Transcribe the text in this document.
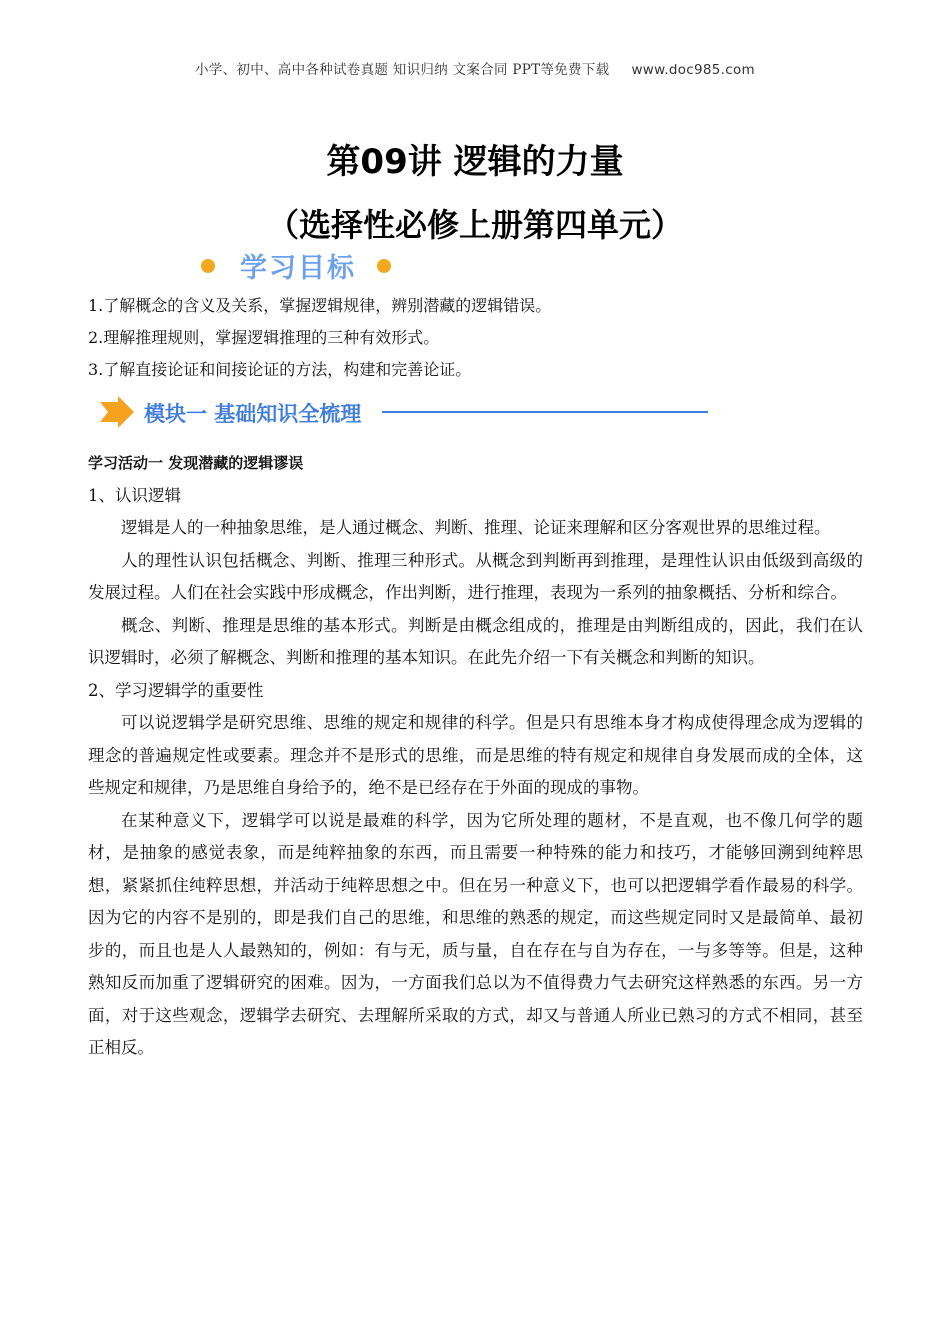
小学、初中、高中各种试卷真题 知识归纳 文案合同 PPT等免费下载 www.doc985.com
第09讲 逻辑的力量
（选择性必修上册第四单元）
学习目标

1.了解概念的含义及关系，掌握逻辑规律，辨别潜藏的逻辑错误。

2.理解推理规则，掌握逻辑推理的三种有效形式。

3.了解直接论证和间接论证的方法，构建和完善论证。

模块一 基础知识全梳理

学习活动一 发现潜藏的逻辑谬误

1、认识逻辑

逻辑是人的一种抽象思维，是人通过概念、判断、推理、论证来理解和区分客观世界的思维过程。

人的理性认识包括概念、判断、推理三种形式。从概念到判断再到推理，是理性认识由低级到高级的发展过程。人们在社会实践中形成概念，作出判断，进行推理，表现为一系列的抽象概括、分析和综合。

概念、判断、推理是思维的基本形式。判断是由概念组成的，推理是由判断组成的，因此，我们在认识逻辑时，必须了解概念、判断和推理的基本知识。在此先介绍一下有关概念和判断的知识。

2、学习逻辑学的重要性

可以说逻辑学是研究思维、思维的规定和规律的科学。但是只有思维本身才构成使得理念成为逻辑的理念的普遍规定性或要素。理念并不是形式的思维，而是思维的特有规定和规律自身发展而成的全体，这些规定和规律，乃是思维自身给予的，绝不是已经存在于外面的现成的事物。

在某种意义下，逻辑学可以说是最难的科学，因为它所处理的题材，不是直观，也不像几何学的题材，是抽象的感觉表象，而是纯粹抽象的东西，而且需要一种特殊的能力和技巧，才能够回溯到纯粹思想，紧紧抓住纯粹思想，并活动于纯粹思想之中。但在另一种意义下，也可以把逻辑学看作最易的科学。因为它的内容不是别的，即是我们自己的思维，和思维的熟悉的规定，而这些规定同时又是最简单、最初步的，而且也是人人最熟知的，例如：有与无，质与量，自在存在与自为存在，一与多等等。但是，这种熟知反而加重了逻辑研究的困难。因为，一方面我们总以为不值得费力气去研究这样熟悉的东西。另一方面，对于这些观念，逻辑学去研究、去理解所采取的方式，却又与普通人所业已熟习的方式不相同，甚至正相反。
